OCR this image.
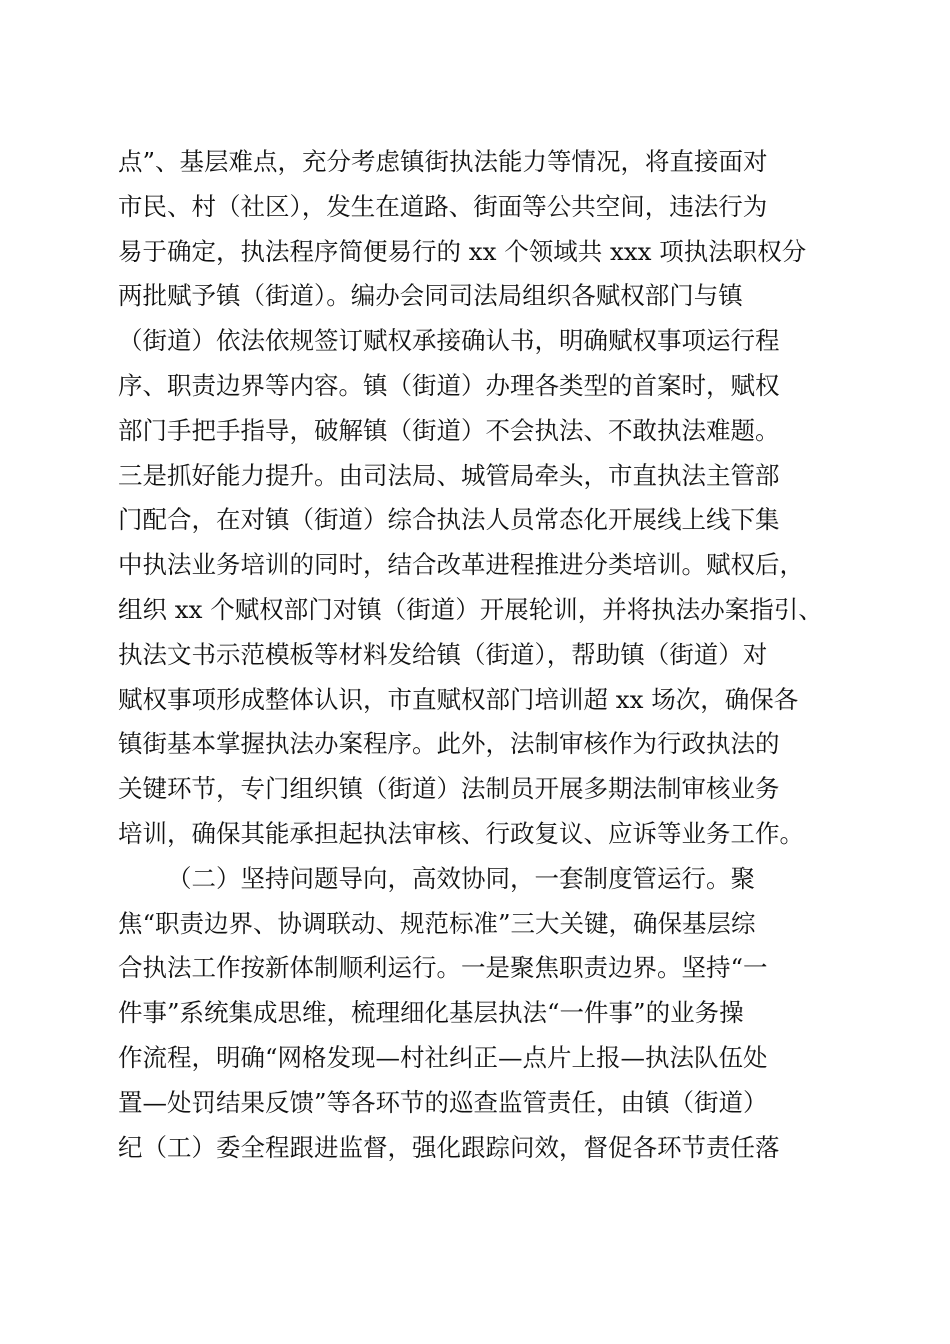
点”、基层难点，充分考虑镇街执法能力等情况，将直接面对
市民、村（社区），发生在道路、街面等公共空间，违法行为
易于确定，执法程序简便易行的 xx 个领域共 xxx 项执法职权分
两批赋予镇（街道）。编办会同司法局组织各赋权部门与镇
（街道）依法依规签订赋权承接确认书，明确赋权事项运行程
序、职责边界等内容。镇（街道）办理各类型的首案时，赋权
部门手把手指导，破解镇（街道）不会执法、不敢执法难题。
三是抓好能力提升。由司法局、城管局牵头，市直执法主管部
门配合，在对镇（街道）综合执法人员常态化开展线上线下集
中执法业务培训的同时，结合改革进程推进分类培训。赋权后，
组织 xx 个赋权部门对镇（街道）开展轮训，并将执法办案指引、
执法文书示范模板等材料发给镇（街道），帮助镇（街道）对
赋权事项形成整体认识，市直赋权部门培训超 xx 场次，确保各
镇街基本掌握执法办案程序。此外，法制审核作为行政执法的
关键环节，专门组织镇（街道）法制员开展多期法制审核业务
培训，确保其能承担起执法审核、行政复议、应诉等业务工作。
（二）坚持问题导向，高效协同，一套制度管运行。聚
焦“职责边界、协调联动、规范标准”三大关键，确保基层综
合执法工作按新体制顺利运行。一是聚焦职责边界。坚持“一
件事”系统集成思维，梳理细化基层执法“一件事”的业务操
作流程，明确“网格发现—村社纠正—点片上报—执法队伍处
置—处罚结果反馈”等各环节的巡查监管责任，由镇（街道）
纪（工）委全程跟进监督，强化跟踪问效，督促各环节责任落
